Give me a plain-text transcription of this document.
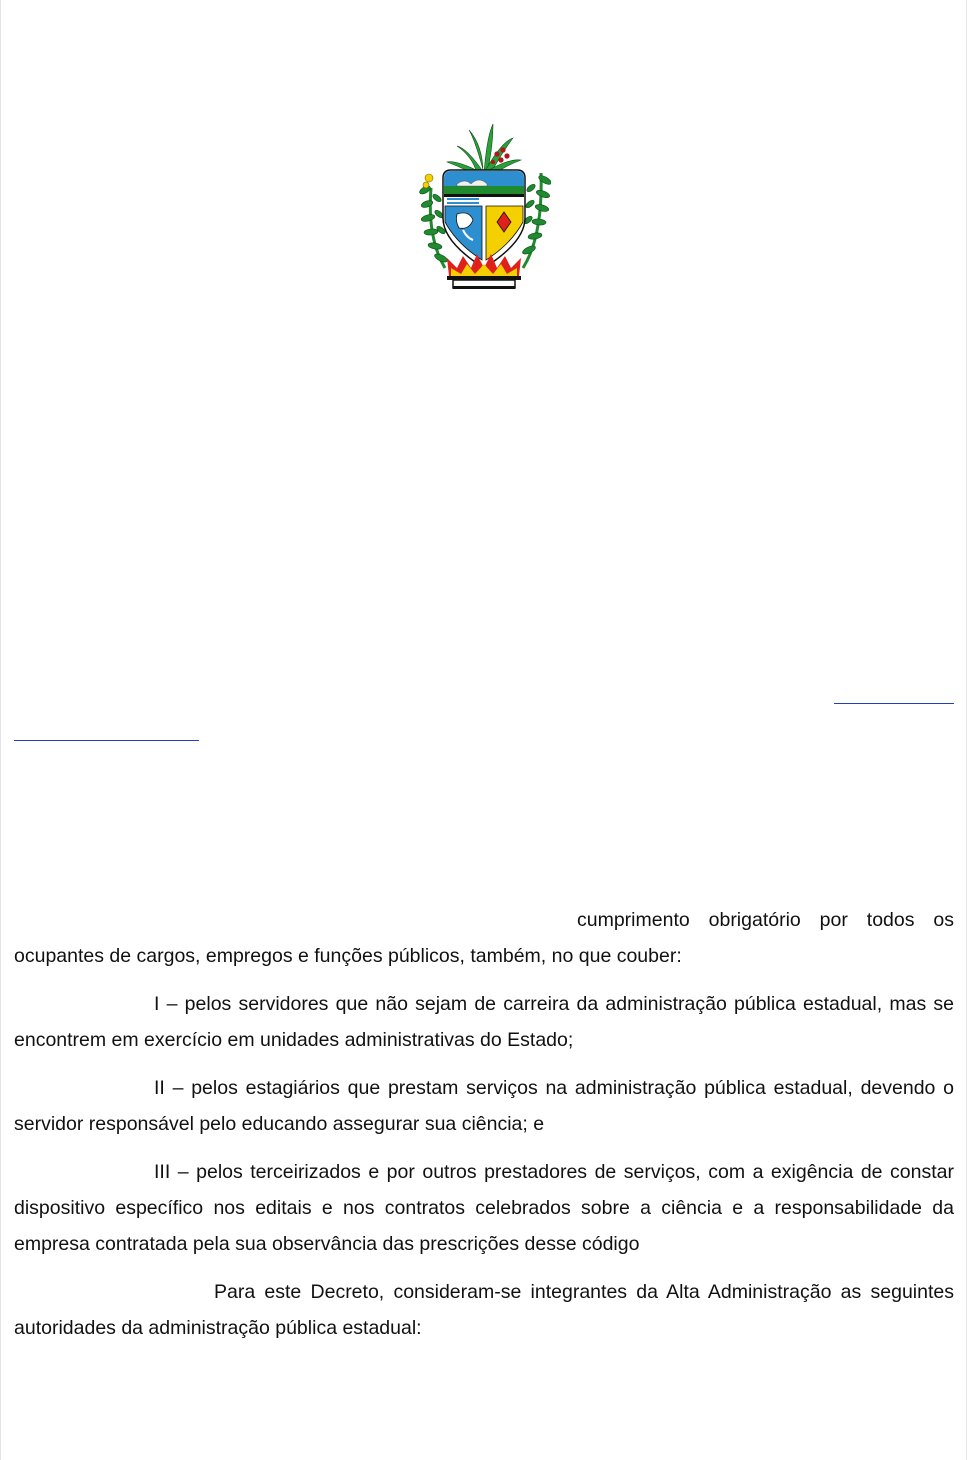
cumprimento obrigatório por todos os ocupantes de cargos, empregos e funções públicos, também, no que couber:

I – pelos servidores que não sejam de carreira da administração pública estadual, mas se encontrem em exercício em unidades administrativas do Estado;

II – pelos estagiários que prestam serviços na administração pública estadual, devendo o servidor responsável pelo educando assegurar sua ciência; e

III – pelos terceirizados e por outros prestadores de serviços, com a exigência de constar dispositivo específico nos editais e nos contratos celebrados sobre a ciência e a responsabilidade da empresa contratada pela sua observância das prescrições desse código

Para este Decreto, consideram-se integrantes da Alta Administração as seguintes autoridades da administração pública estadual:
